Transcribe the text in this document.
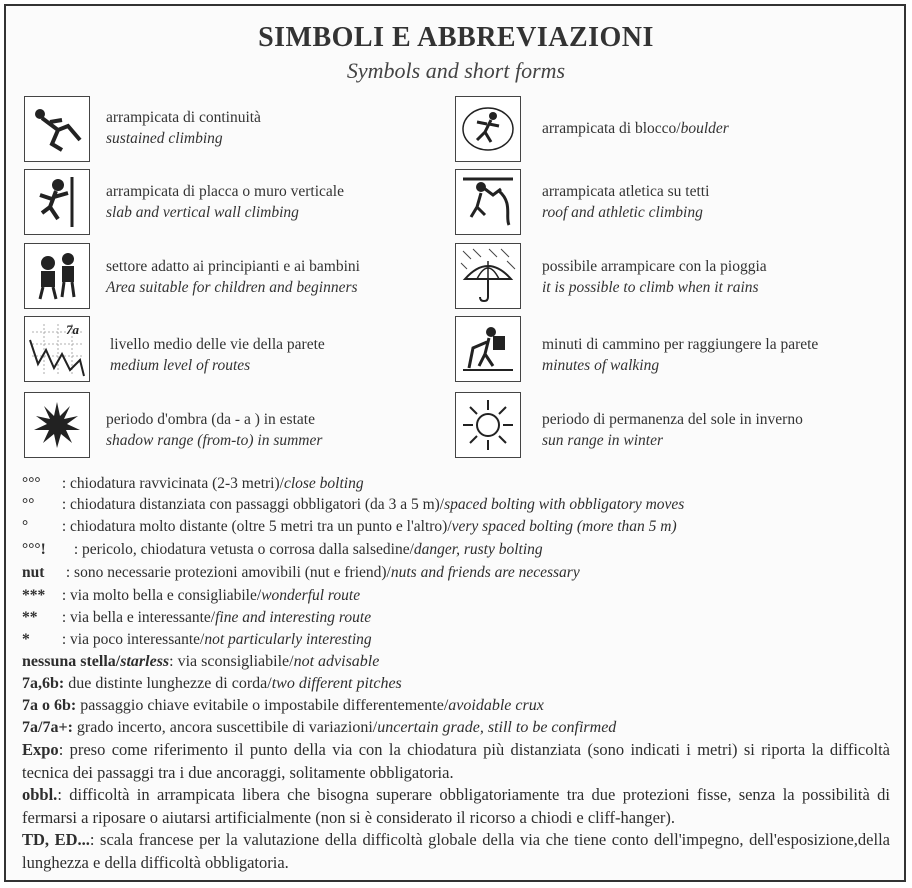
SIMBOLI E ABBREVIAZIONI
Symbols and short forms
arrampicata di continuità
sustained climbing
arrampicata di placca o muro verticale
slab and vertical wall climbing
settore adatto ai principianti e ai bambini
Area suitable for children and beginners
7a
livello medio delle vie della parete
medium level of routes
periodo d'ombra (da - a ) in estate
shadow range (from-to) in summer
arrampicata di blocco/boulder
arrampicata atletica su tetti
roof and athletic climbing
possibile arrampicare con la pioggia
it is possible to climb when it rains
minuti di cammino per raggiungere la parete
minutes of walking
periodo di permanenza del sole in inverno
sun range in winter
°°° : chiodatura ravvicinata (2-3 metri)/close bolting
°° : chiodatura distanziata con passaggi obbligatori (da 3 a 5 m)/spaced bolting with obbligatory moves
° : chiodatura molto distante (oltre 5 metri tra un punto e l'altro)/very spaced bolting (more than 5 m)
°°°! : pericolo, chiodatura vetusta o corrosa dalla salsedine/danger, rusty bolting
nut : sono necessarie protezioni amovibili (nut e friend)/nuts and friends are necessary
*** : via molto bella e consigliabile/wonderful route
** : via bella e interessante/fine and interesting route
* : via poco interessante/not particularly interesting
nessuna stella/starless: via sconsigliabile/not advisable
7a,6b: due distinte lunghezze di corda/two different pitches
7a o 6b: passaggio chiave evitabile o impostabile differentemente/avoidable crux
7a/7a+: grado incerto, ancora suscettibile di variazioni/uncertain grade, still to be confirmed
Expo: preso come riferimento il punto della via con la chiodatura più distanziata (sono indicati i metri) si riporta la difficoltà tecnica dei passaggi tra i due ancoraggi, solitamente obbligatoria.
obbl.: difficoltà in arrampicata libera che bisogna superare obbligatoriamente tra due protezioni fisse, senza la possibilità di fermarsi a riposare o aiutarsi artificialmente (non si è considerato il ricorso a chiodi e cliff-hanger).
TD, ED...: scala francese per la valutazione della difficoltà globale della via che tiene conto dell'impegno, dell'esposizione,della lunghezza e della difficoltà obbligatoria.
